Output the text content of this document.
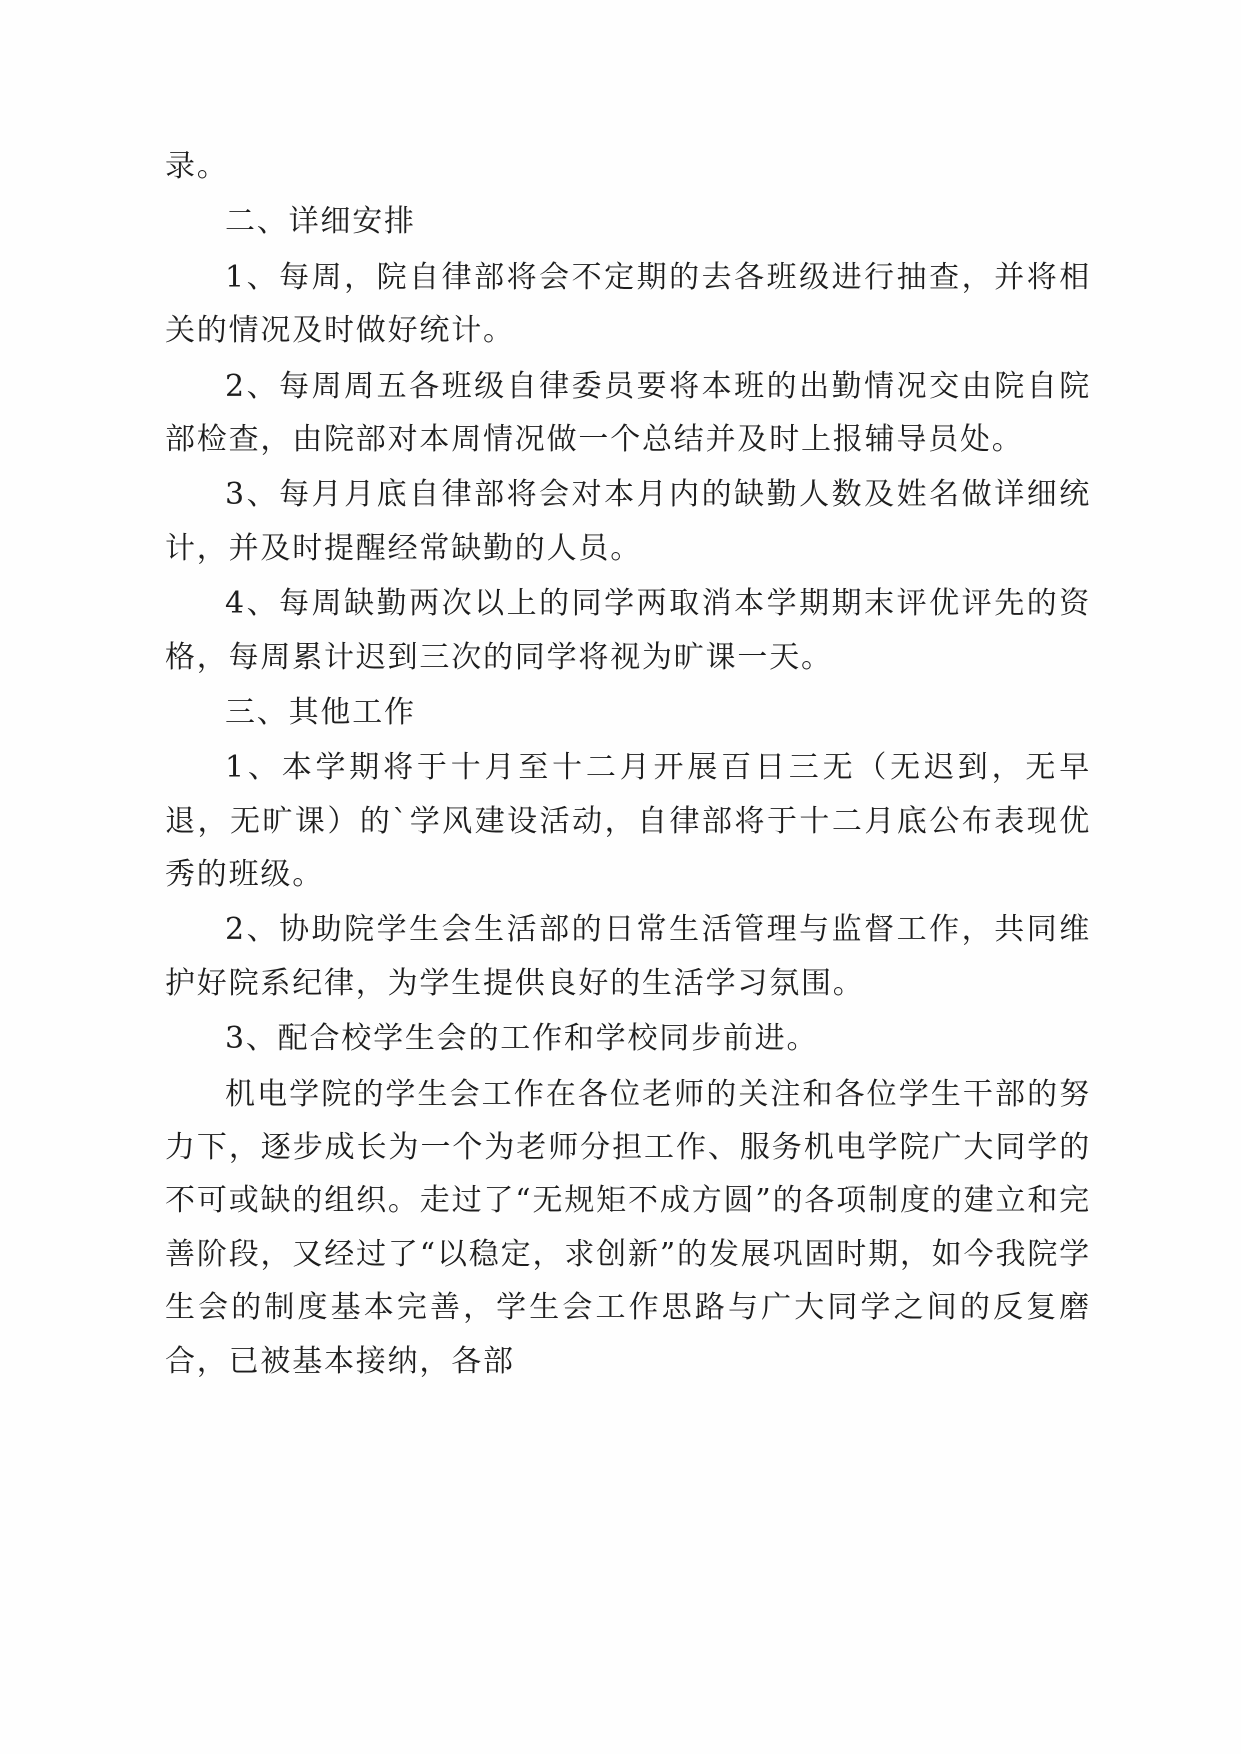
录。

二、详细安排

1、每周，院自律部将会不定期的去各班级进行抽查，并将相关的情况及时做好统计。

2、每周周五各班级自律委员要将本班的出勤情况交由院自院部检查，由院部对本周情况做一个总结并及时上报辅导员处。

3、每月月底自律部将会对本月内的缺勤人数及姓名做详细统计，并及时提醒经常缺勤的人员。

4、每周缺勤两次以上的同学两取消本学期期末评优评先的资格，每周累计迟到三次的同学将视为旷课一天。

三、其他工作

1、本学期将于十月至十二月开展百日三无（无迟到，无早退，无旷课）的`学风建设活动，自律部将于十二月底公布表现优秀的班级。

2、协助院学生会生活部的日常生活管理与监督工作，共同维护好院系纪律，为学生提供良好的生活学习氛围。

3、配合校学生会的工作和学校同步前进。

机电学院的学生会工作在各位老师的关注和各位学生干部的努力下，逐步成长为一个为老师分担工作、服务机电学院广大同学的不可或缺的组织。走过了“无规矩不成方圆”的各项制度的建立和完善阶段，又经过了“以稳定，求创新”的发展巩固时期，如今我院学生会的制度基本完善，学生会工作思路与广大同学之间的反复磨合，已被基本接纳，各部
